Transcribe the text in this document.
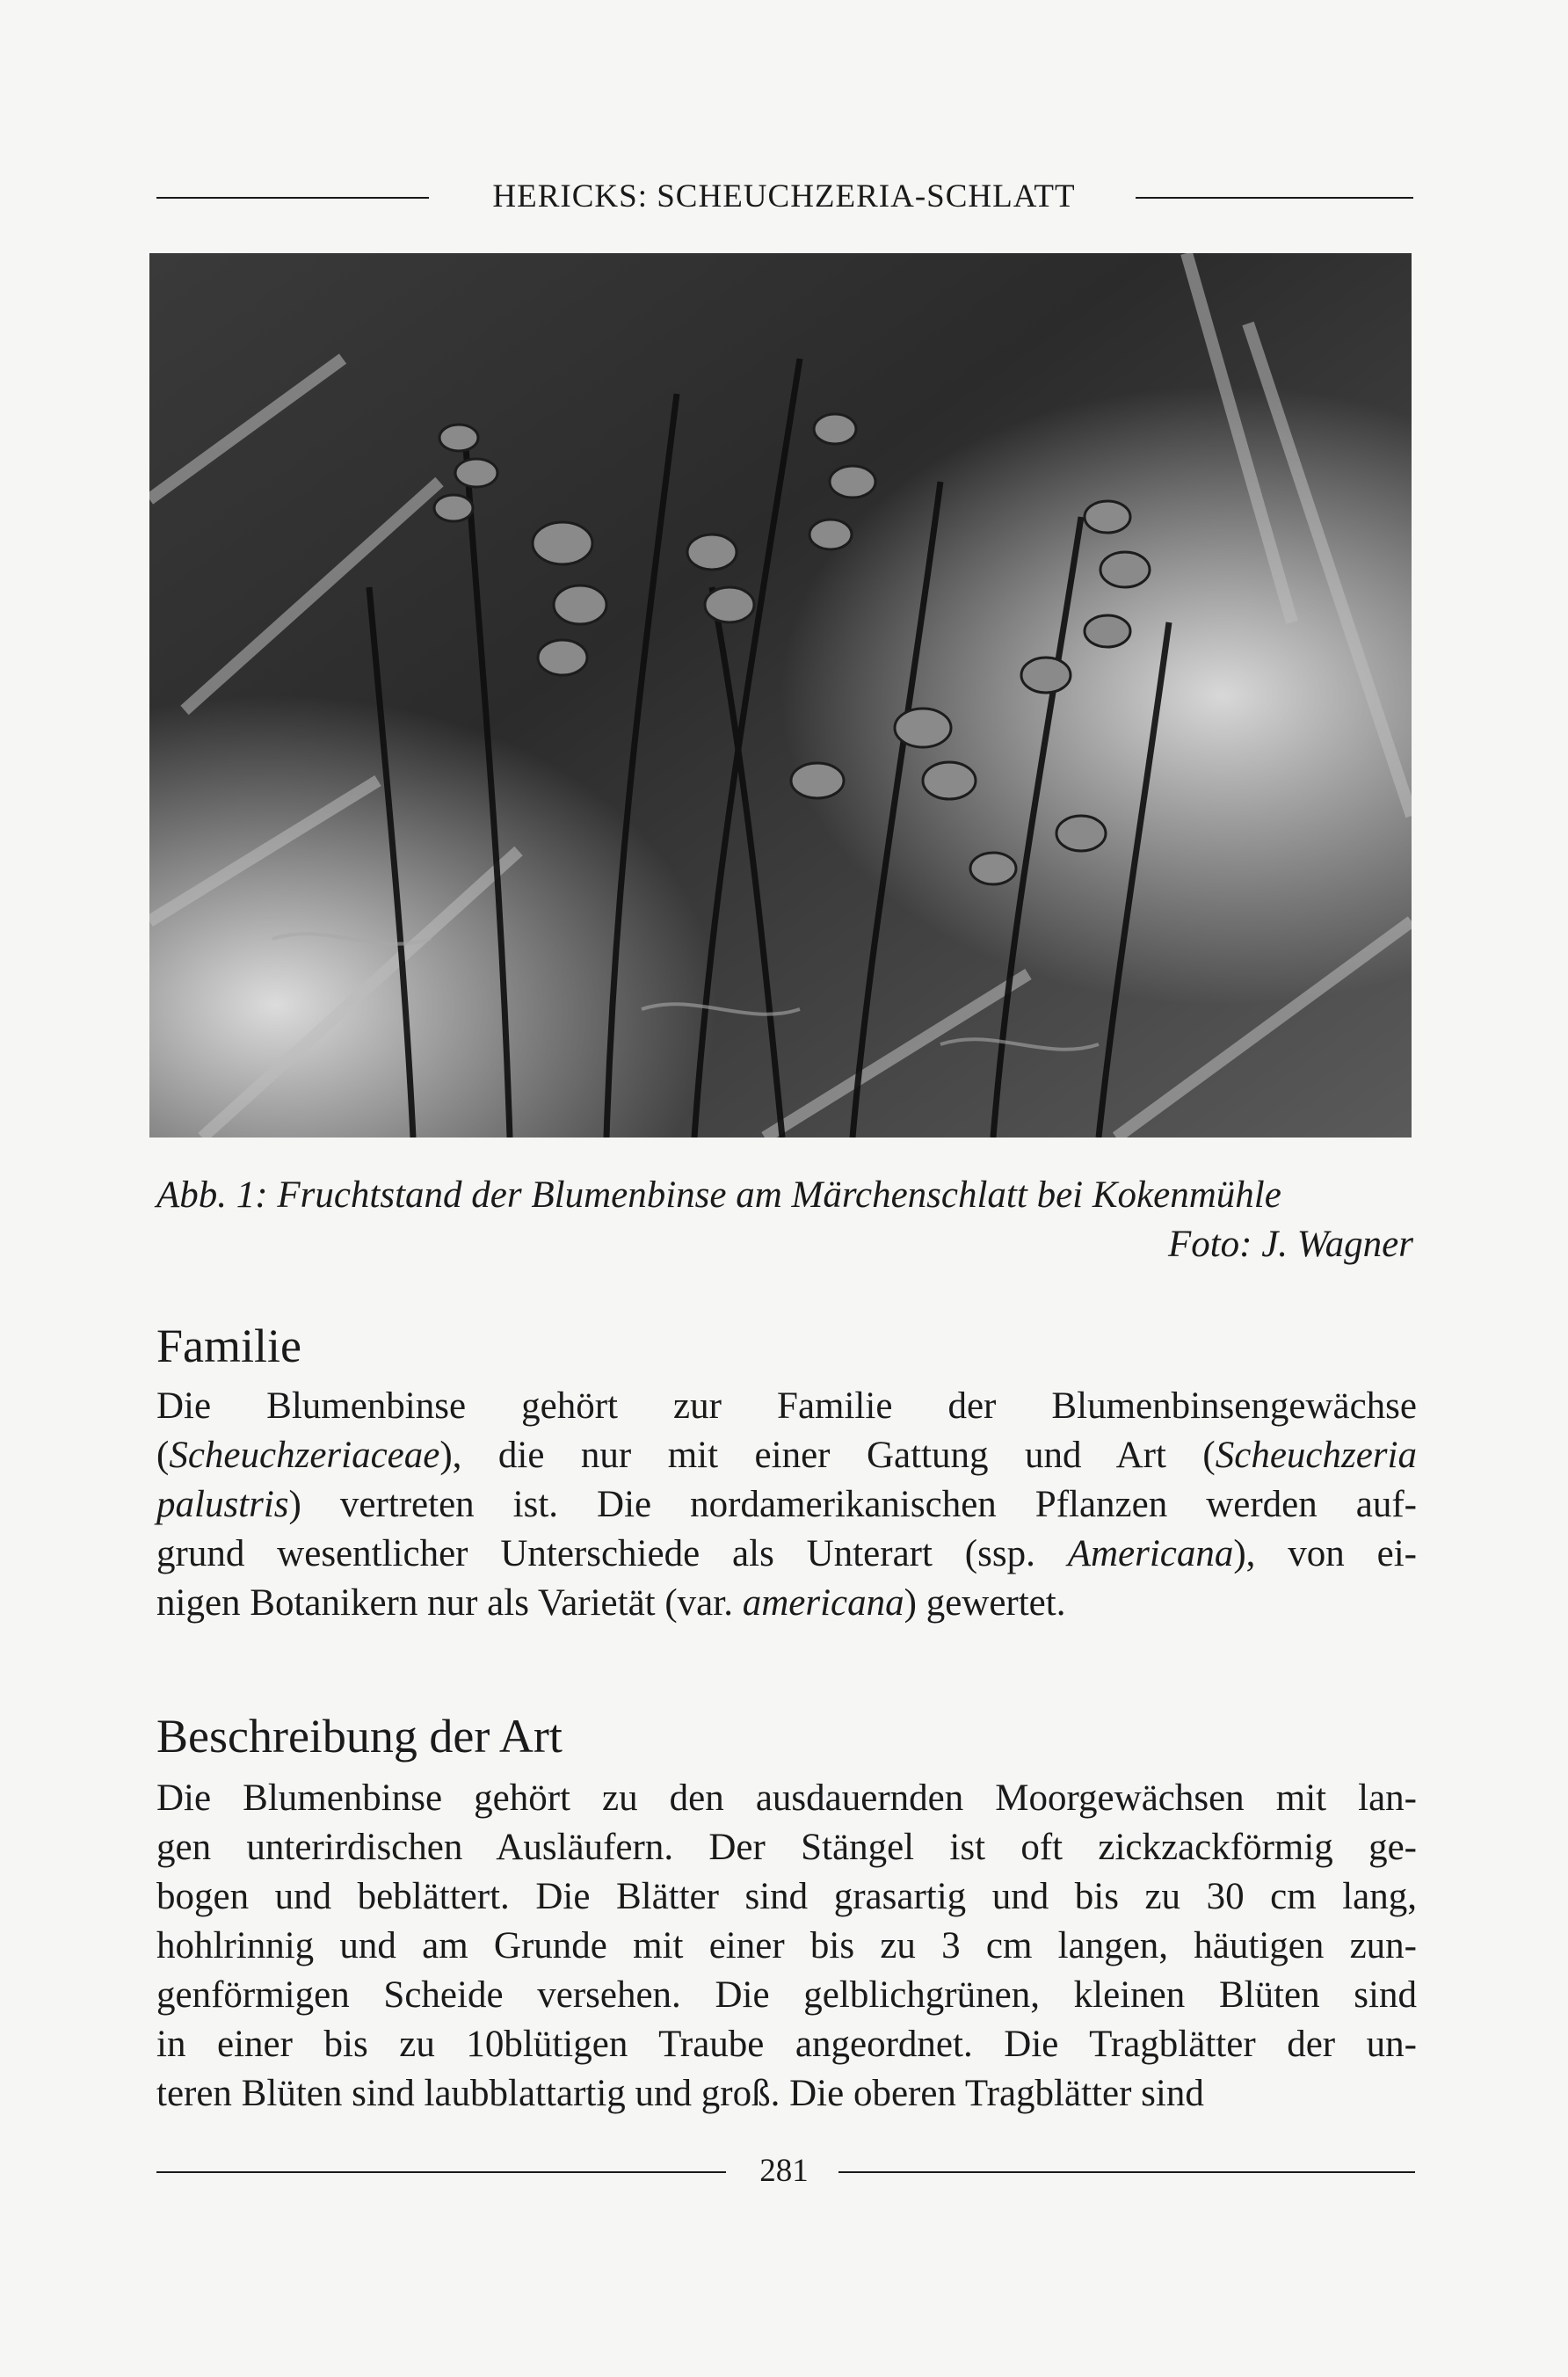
HERICKS: SCHEUCHZERIA-SCHLATT
Abb. 1: Fruchtstand der Blumenbinse am Märchenschlatt bei Kokenmühle
Foto: J. Wagner
Familie
Die Blumenbinse gehört zur Familie der Blumenbinsengewächse
(Scheuchzeriaceae), die nur mit einer Gattung und Art (Scheuchzeria
palustris) vertreten ist. Die nordamerikanischen Pflanzen werden auf-
grund wesentlicher Unterschiede als Unterart (ssp. Americana), von ei-
nigen Botanikern nur als Varietät (var. americana) gewertet.
Beschreibung der Art
Die Blumenbinse gehört zu den ausdauernden Moorgewächsen mit lan-
gen unterirdischen Ausläufern. Der Stängel ist oft zickzackförmig ge-
bogen und beblättert. Die Blätter sind grasartig und bis zu 30 cm lang,
hohlrinnig und am Grunde mit einer bis zu 3 cm langen, häutigen zun-
genförmigen Scheide versehen. Die gelblichgrünen, kleinen Blüten sind
in einer bis zu 10blütigen Traube angeordnet. Die Tragblätter der un-
teren Blüten sind laubblattartig und groß. Die oberen Tragblätter sind
281
